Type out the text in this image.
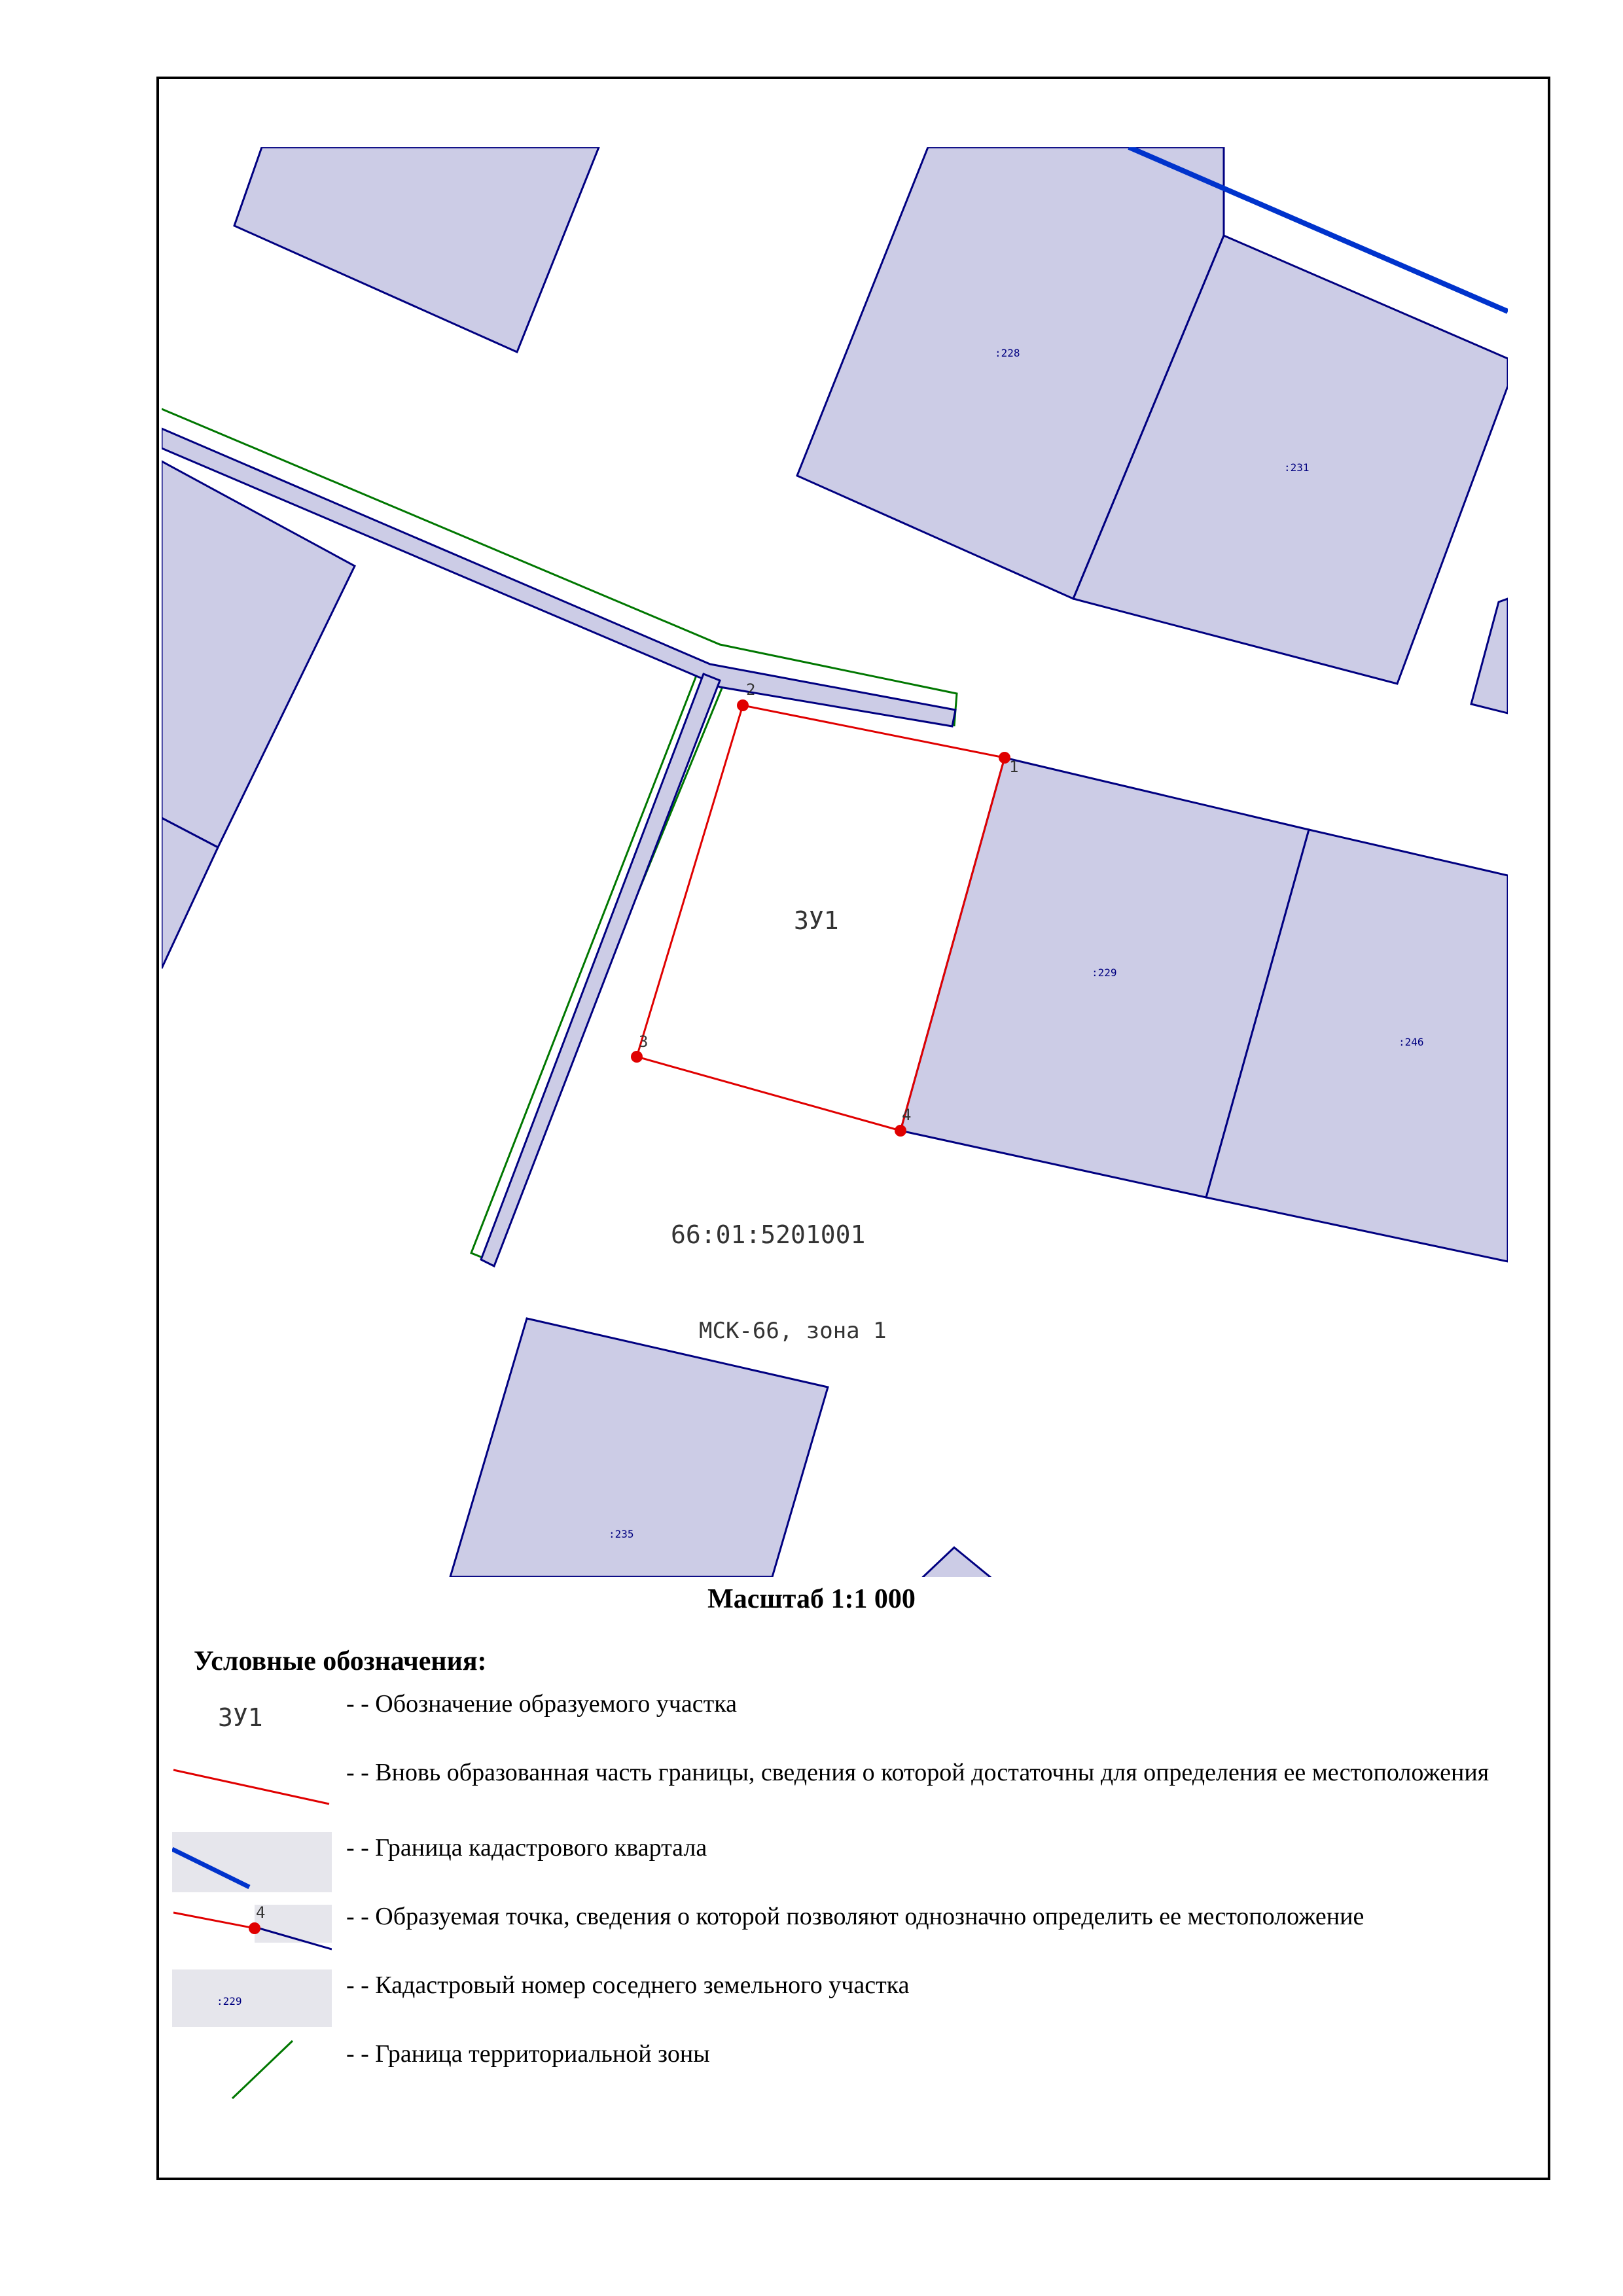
1
2
3
4
:228
:231
:229
:246
:235
ЗУ1
66:01:5201001
МСК-66, зона 1
Масштаб 1:1 000
Условные обозначения:
ЗУ1	- - Обозначение образуемого участка
- - Вновь образованная часть границы, сведения о которой достаточны для определения ее местоположения
- - Граница кадастрового квартала
4	- - Образуемая точка, сведения о которой позволяют однозначно определить ее местоположение
:229
- - Кадастровый номер соседнего земельного участка
- - Граница территориальной зоны
